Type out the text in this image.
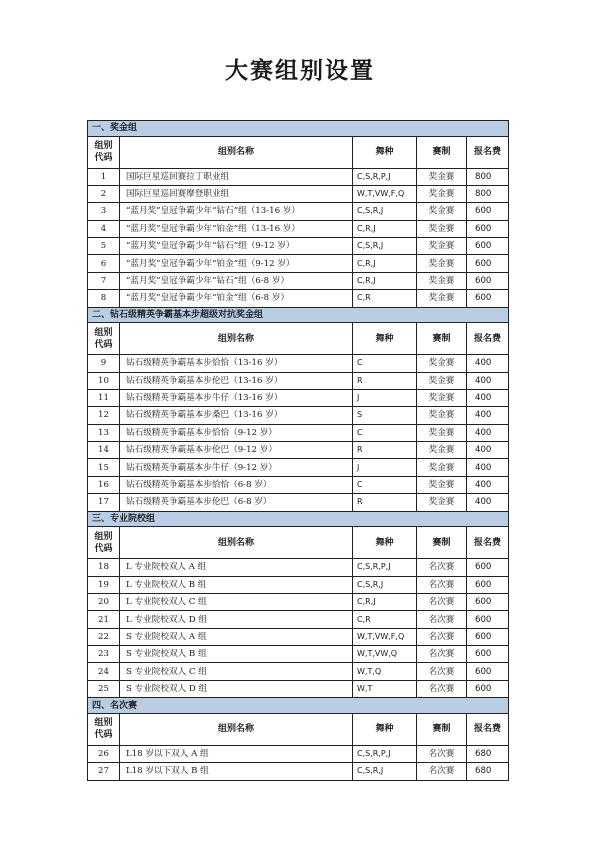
大赛组别设置
一、奖金组				
组别代码	组别名称	舞种	赛制	报名费
1	国际巨星巡回赛拉丁职业组	C,S,R,P,J	奖金赛	800
2	国际巨星巡回赛摩登职业组	W,T,VW,F,Q	奖金赛	800
3	“蓝月奖”皇冠争霸少年“钻石”组（13-16 岁）	C,S,R,J	奖金赛	600
4	“蓝月奖”皇冠争霸少年“铂金”组（13-16 岁）	C,R,J	奖金赛	600
5	“蓝月奖”皇冠争霸少年“钻石”组（9-12 岁）	C,S,R,J	奖金赛	600
6	“蓝月奖”皇冠争霸少年“铂金”组（9-12 岁）	C,R,J	奖金赛	600
7	“蓝月奖”皇冠争霸少年“钻石”组（6-8 岁）	C,R,J	奖金赛	600
8	“蓝月奖”皇冠争霸少年“铂金”组（6-8 岁）	C,R	奖金赛	600
二、钻石级精英争霸基本步超级对抗奖金组				
组别代码	组别名称	舞种	赛制	报名费
9	钻石级精英争霸基本步恰恰（13-16 岁）	C	奖金赛	400
10	钻石级精英争霸基本步伦巴（13-16 岁）	R	奖金赛	400
11	钻石级精英争霸基本步牛仔（13-16 岁）	J	奖金赛	400
12	钻石级精英争霸基本步桑巴（13-16 岁）	S	奖金赛	400
13	钻石级精英争霸基本步恰恰（9-12 岁）	C	奖金赛	400
14	钻石级精英争霸基本步伦巴（9-12 岁）	R	奖金赛	400
15	钻石级精英争霸基本步牛仔（9-12 岁）	J	奖金赛	400
16	钻石级精英争霸基本步恰恰（6-8 岁）	C	奖金赛	400
17	钻石级精英争霸基本步伦巴（6-8 岁）	R	奖金赛	400
三、专业院校组				
组别代码	组别名称	舞种	赛制	报名费
18	L 专业院校双人 A 组	C,S,R,P,J	名次赛	600
19	L 专业院校双人 B 组	C,S,R,J	名次赛	600
20	L 专业院校双人 C 组	C,R,J	名次赛	600
21	L 专业院校双人 D 组	C,R	名次赛	600
22	S 专业院校双人 A 组	W,T,VW,F,Q	名次赛	600
23	S 专业院校双人 B 组	W,T,VW,Q	名次赛	600
24	S 专业院校双人 C 组	W,T,Q	名次赛	600
25	S 专业院校双人 D 组	W,T	名次赛	600
四、名次赛				
组别代码	组别名称	舞种	赛制	报名费
26	L18 岁以下双人 A 组	C,S,R,P,J	名次赛	680
27	L18 岁以下双人 B 组	C,S,R,J	名次赛	680
